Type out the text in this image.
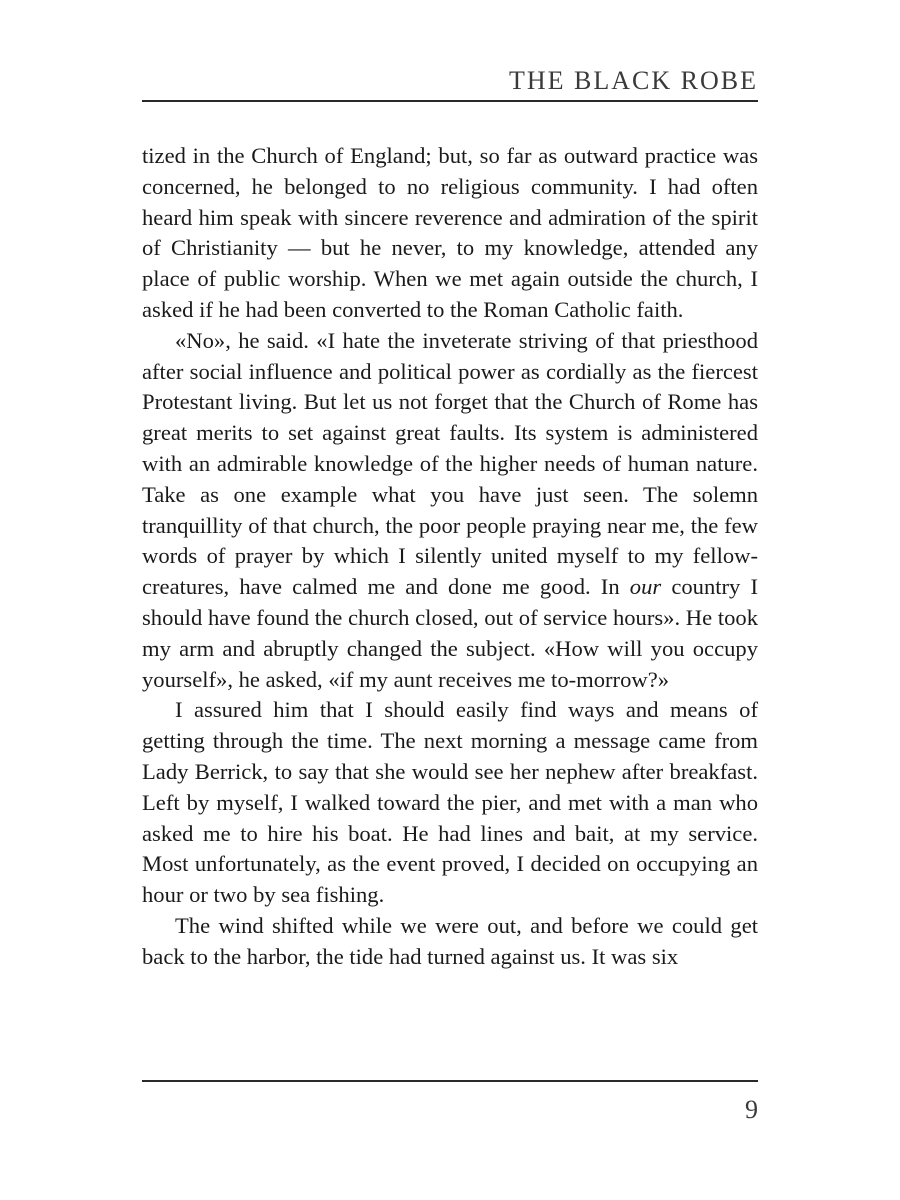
THE BLACK ROBE

tized in the Church of England; but, so far as outward practice was concerned, he belonged to no religious community. I had often heard him speak with sincere reverence and admiration of the spirit of Christianity — but he never, to my knowledge, attended any place of public worship. When we met again outside the church, I asked if he had been converted to the Roman Catholic faith.

«No», he said. «I hate the inveterate striving of that priesthood after social influence and political power as cordially as the fiercest Protestant living. But let us not forget that the Church of Rome has great merits to set against great faults. Its system is administered with an admirable knowledge of the higher needs of human nature. Take as one example what you have just seen. The solemn tranquillity of that church, the poor people praying near me, the few words of prayer by which I silently united myself to my fellow-creatures, have calmed me and done me good. In our country I should have found the church closed, out of service hours». He took my arm and abruptly changed the subject. «How will you occupy yourself», he asked, «if my aunt receives me to-morrow?»

I assured him that I should easily find ways and means of getting through the time. The next morning a message came from Lady Berrick, to say that she would see her nephew after breakfast. Left by myself, I walked toward the pier, and met with a man who asked me to hire his boat. He had lines and bait, at my service. Most unfortunately, as the event proved, I decided on occupying an hour or two by sea fishing.

The wind shifted while we were out, and before we could get back to the harbor, the tide had turned against us. It was six

9
